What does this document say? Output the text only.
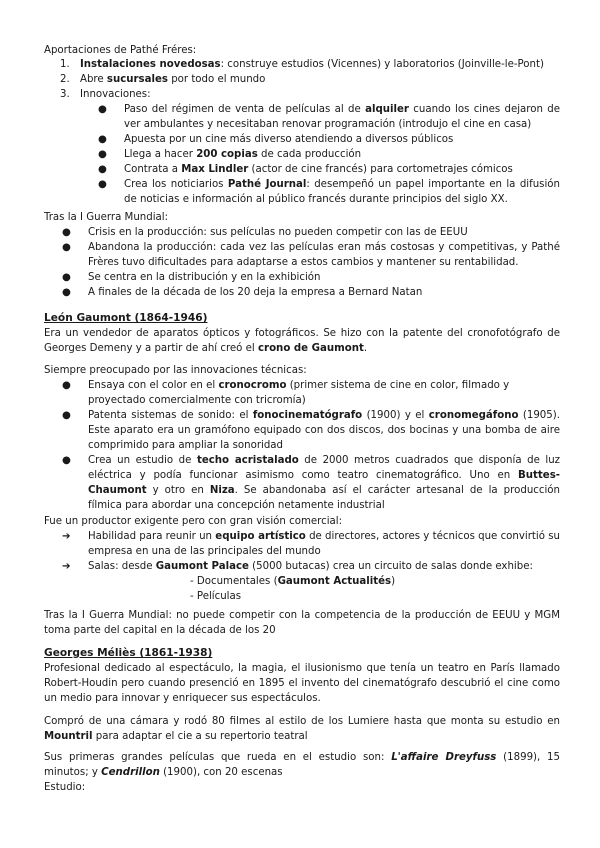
Aportaciones de Pathé Fréres:

1. Instalaciones novedosas: construye estudios (Vicennes) y laboratorios (Joinville-le-Pont)
2. Abre sucursales por todo el mundo
3. Innovaciones:
● Paso del régimen de venta de películas al de alquiler cuando los cines dejaron de ver ambulantes y necesitaban renovar programación (introdujo el cine en casa)
● Apuesta por un cine más diverso atendiendo a diversos públicos
● Llega a hacer 200 copias de cada producción
● Contrata a Max Lindler (actor de cine francés) para cortometrajes cómicos
● Crea los noticiarios Pathé Journal: desempeñó un papel importante en la difusión de noticias e información al público francés durante principios del siglo XX.

Tras la I Guerra Mundial:

● Crisis en la producción: sus películas no pueden competir con las de EEUU
● Abandona la producción: cada vez las películas eran más costosas y competitivas, y Pathé Frères tuvo dificultades para adaptarse a estos cambios y mantener su rentabilidad.
● Se centra en la distribución y en la exhibición
● A finales de la década de los 20 deja la empresa a Bernard Natan
León Gaumont (1864-1946)

Era un vendedor de aparatos ópticos y fotográficos. Se hizo con la patente del cronofotógrafo de Georges Demeny y a partir de ahí creó el crono de Gaumont.

Siempre preocupado por las innovaciones técnicas:

● Ensaya con el color en el cronocromo (primer sistema de cine en color, filmado y proyectado comercialmente con tricromía)
● Patenta sistemas de sonido: el fonocinematógrafo (1900) y el cronomegáfono (1905). Este aparato era un gramófono equipado con dos discos, dos bocinas y una bomba de aire comprimido para ampliar la sonoridad
● Crea un estudio de techo acristalado de 2000 metros cuadrados que disponía de luz eléctrica y podía funcionar asimismo como teatro cinematográfico. Uno en Buttes-Chaumont y otro en Niza. Se abandonaba así el carácter artesanal de la producción fílmica para abordar una concepción netamente industrial

Fue un productor exigente pero con gran visión comercial:

➔ Habilidad para reunir un equipo artístico de directores, actores y técnicos que convirtió su empresa en una de las principales del mundo
➔ Salas: desde Gaumont Palace (5000 butacas) crea un circuito de salas donde exhibe:
- Documentales (Gaumont Actualités)
- Películas

Tras la I Guerra Mundial: no puede competir con la competencia de la producción de EEUU y MGM toma parte del capital en la década de los 20

Georges Méliès (1861-1938)

Profesional dedicado al espectáculo, la magia, el ilusionismo que tenía un teatro en París llamado Robert-Houdin pero cuando presenció en 1895 el invento del cinematógrafo descubrió el cine como un medio para innovar y enriquecer sus espectáculos.

Compró de una cámara y rodó 80 filmes al estilo de los Lumiere hasta que monta su estudio en Mountril para adaptar el cie a su repertorio teatral

Sus primeras grandes películas que rueda en el estudio son: L'affaire Dreyfuss (1899), 15 minutos; y Cendrillon (1900), con 20 escenas

Estudio:
